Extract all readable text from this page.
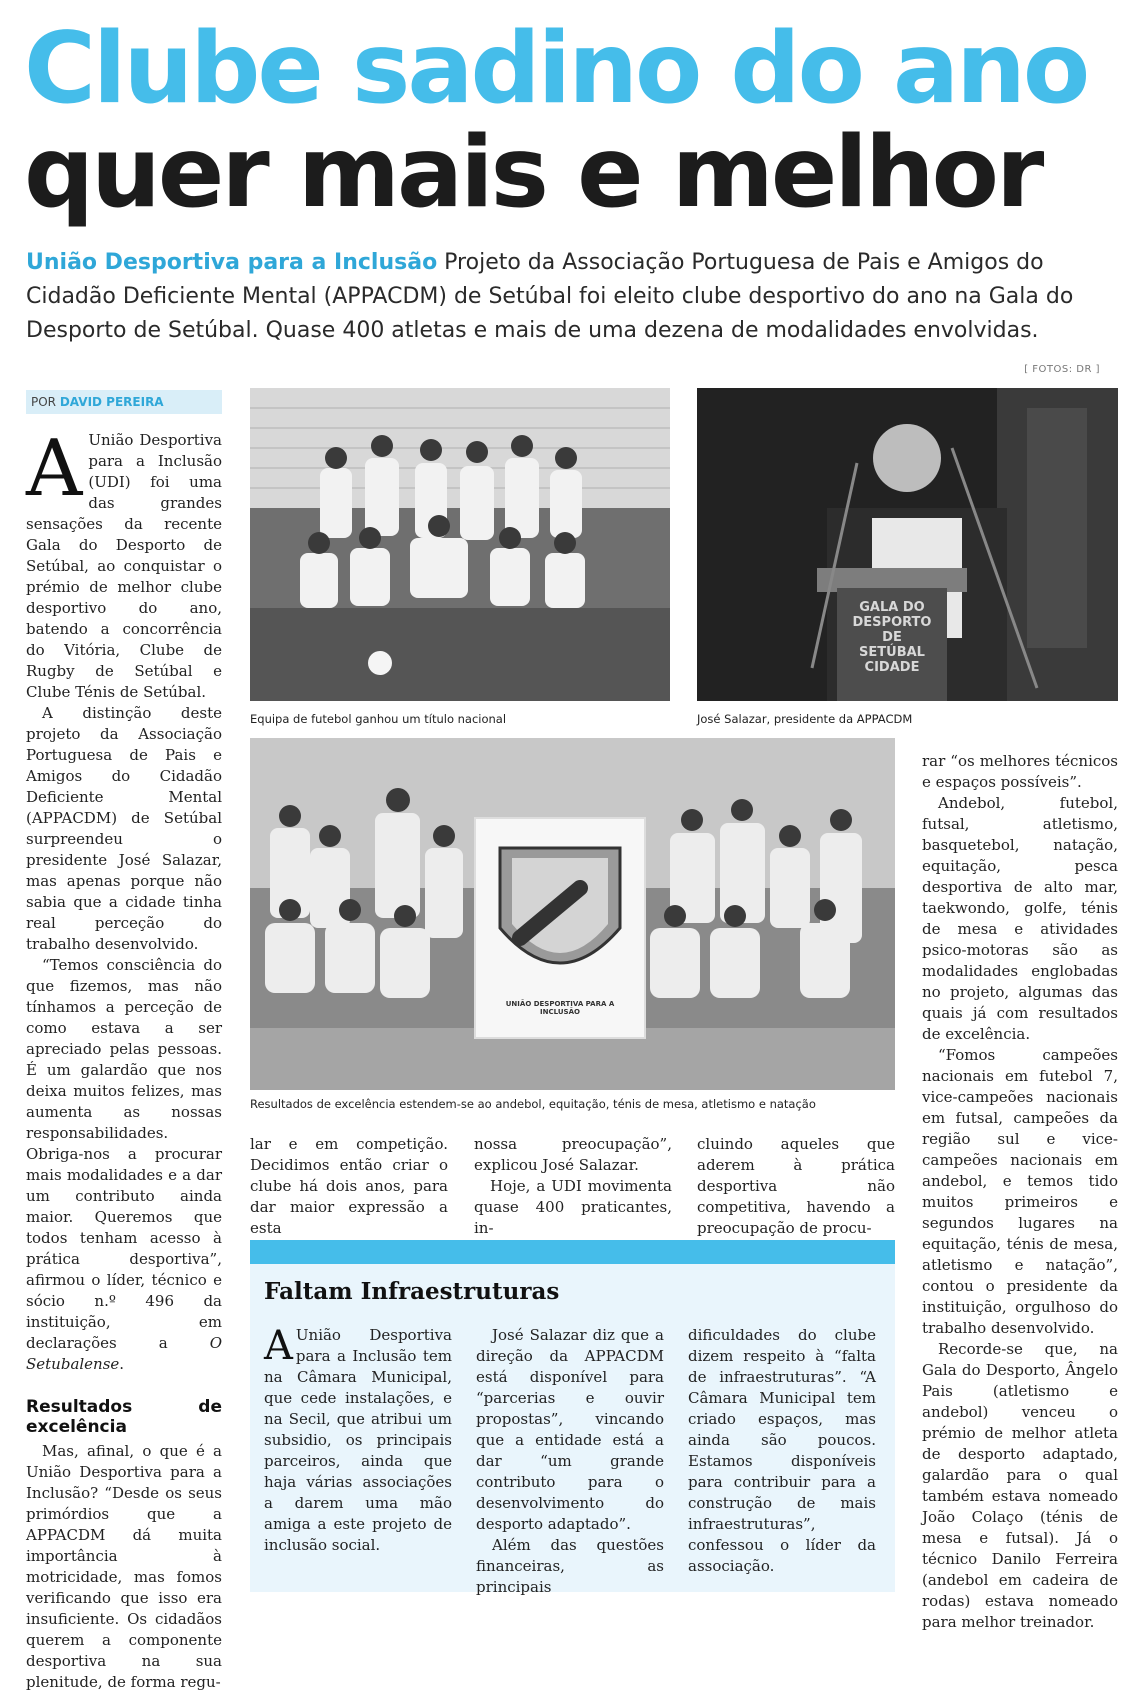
Clube sadino do ano
quer mais e melhor
União Desportiva para a Inclusão Projeto da Associação Portuguesa de Pais e Amigos do Cidadão Deficiente Mental (APPACDM) de Setúbal foi eleito clube desportivo do ano na Gala do Desporto de Setúbal. Quase 400 atletas e mais de uma dezena de modalidades envolvidas.
[ FOTOS: DR ]
POR DAVID PEREIRA

A União Desportiva para a Inclusão (UDI) foi uma das grandes sensações da recente Gala do Desporto de Setúbal, ao conquistar o prémio de melhor clube desportivo do ano, batendo a concorrência do Vitória, Clube de Rugby de Setúbal e Clube Ténis de Setúbal.

A distinção deste projeto da Associação Portuguesa de Pais e Amigos do Cidadão Deficiente Mental (APPACDM) de Setúbal surpreendeu o presidente José Salazar, mas apenas porque não sabia que a cidade tinha real perceção do trabalho desenvolvido.

“Temos consciência do que fizemos, mas não tínhamos a perceção de como estava a ser apreciado pelas pessoas. É um galardão que nos deixa muitos felizes, mas aumenta as nossas responsabilidades. Obriga-nos a procurar mais modalidades e a dar um contributo ainda maior. Queremos que todos tenham acesso à prática desportiva”, afirmou o líder, técnico e sócio n.º 496 da instituição, em declarações a O Setubalense.

Resultados de excelência

Mas, afinal, o que é a União Desportiva para a Inclusão? “Desde os seus primórdios que a APPACDM dá muita importância à motricidade, mas fomos verificando que isso era insuficiente. Os cidadãos querem a componente desportiva na sua plenitude, de forma regu-

Equipa de futebol ganhou um título nacional
GALA DO DESPORTO DE SETÚBAL CIDADE
José Salazar, presidente da APPACDM
UNIÃO DESPORTIVA PARA A INCLUSÃO
Resultados de excelência estendem-se ao andebol, equitação, ténis de mesa, atletismo e natação

lar e em competição. Decidimos então criar o clube há dois anos, para dar maior expressão a esta

nossa preocupação”, explicou José Salazar.

Hoje, a UDI movimenta quase 400 praticantes, in-

cluindo aqueles que aderem à prática desportiva não competitiva, havendo a preocupação de procu-

rar “os melhores técnicos e espaços possíveis”.

Andebol, futebol, futsal, atletismo, basquetebol, natação, equitação, pesca desportiva de alto mar, taekwondo, golfe, ténis de mesa e atividades psico-motoras são as modalidades englobadas no projeto, algumas das quais já com resultados de excelência.

“Fomos campeões nacionais em futebol 7, vice-campeões nacionais em futsal, campeões da região sul e vice-campeões nacionais em andebol, e temos tido muitos primeiros e segundos lugares na equitação, ténis de mesa, atletismo e natação”, contou o presidente da instituição, orgulhoso do trabalho desenvolvido.

Recorde-se que, na Gala do Desporto, Ângelo Pais (atletismo e andebol) venceu o prémio de melhor atleta de desporto adaptado, galardão para o qual também estava nomeado João Colaço (ténis de mesa e futsal). Já o técnico Danilo Ferreira (andebol em cadeira de rodas) estava nomeado para melhor treinador.

Faltam Infraestruturas

A União Desportiva para a Inclusão tem na Câmara Municipal, que cede instalações, e na Secil, que atribui um subsidio, os principais parceiros, ainda que haja várias associações a darem uma mão amiga a este projeto de inclusão social.

José Salazar diz que a direção da APPACDM está disponível para “parcerias e ouvir propostas”, vincando que a entidade está a dar “um grande contributo para o desenvolvimento do desporto adaptado”.

Além das questões financeiras, as principais

dificuldades do clube dizem respeito à “falta de infraestruturas”. “A Câmara Municipal tem criado espaços, mas ainda são poucos. Estamos disponíveis para contribuir para a construção de mais infraestruturas”, confessou o líder da associação.
